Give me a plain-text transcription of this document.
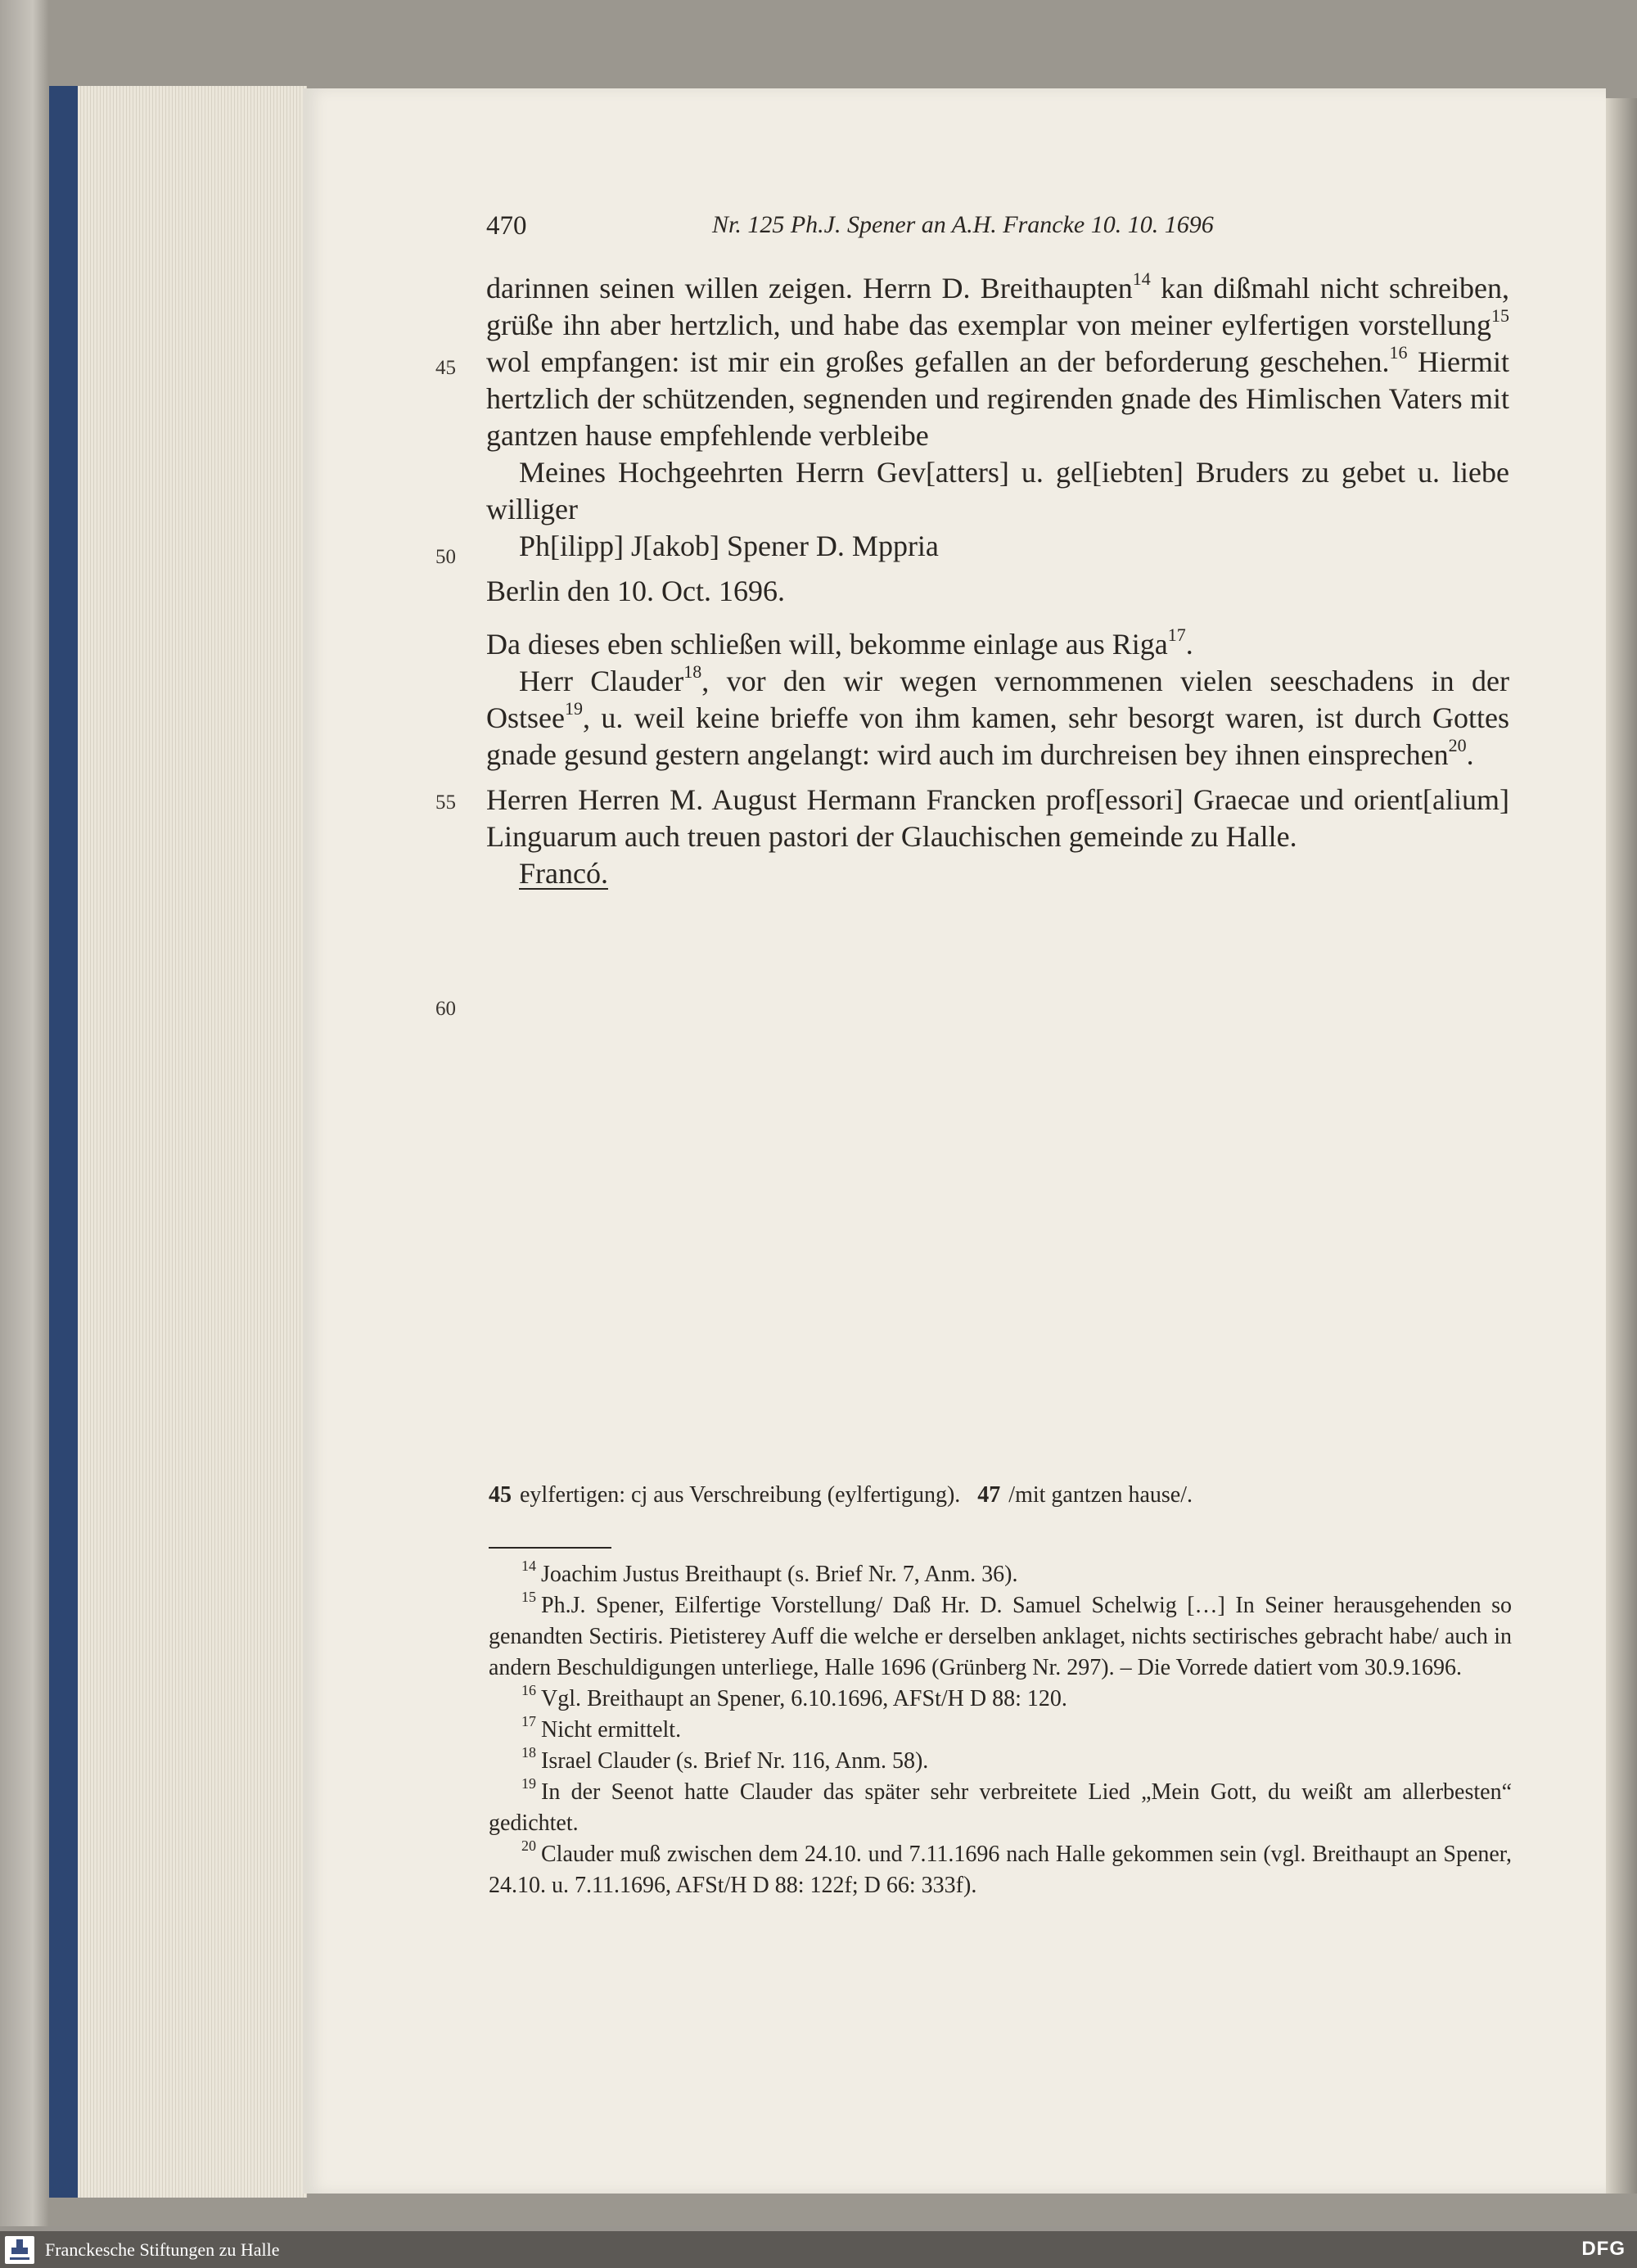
470	Nr. 125 Ph.J. Spener an A.H. Francke 10. 10. 1696
45
50
55
60

darinnen seinen willen zeigen. Herrn D. Breithaupten$^{14}$ kan dißmahl nicht schreiben, grüße ihn aber hertzlich, und habe das exemplar von meiner eylfertigen vorstellung$^{15}$ wol empfangen: ist mir ein großes gefallen an der beforderung geschehen.$^{16}$ Hiermit hertzlich der schützenden, segnenden und regirenden gnade des Himlischen Vaters mit gantzen hause empfehlende verbleibe

Meines Hochgeehrten Herrn Gev[atters] u. gel[iebten] Bruders zu gebet u. liebe williger

Ph[ilipp] J[akob] Spener D. Mppria

Berlin den 10. Oct. 1696.

Da dieses eben schließen will, bekomme einlage aus Riga$^{17}$.

Herr Clauder$^{18}$, vor den wir wegen vernommenen vielen seeschadens in der Ostsee$^{19}$, u. weil keine brieffe von ihm kamen, sehr besorgt waren, ist durch Gottes gnade gesund gestern angelangt: wird auch im durchreisen bey ihnen einsprechen$^{20}$.

Herren Herren M. August Hermann Francken prof[essori] Graecae und orient[alium] Linguarum auch treuen pastori der Glauchischen gemeinde zu Halle.

Francó.

45 eylfertigen: cj aus Verschreibung (eylfertigung). 47 /mit gantzen hause/.

$^{14}$ Joachim Justus Breithaupt (s. Brief Nr. 7, Anm. 36).

$^{15}$ Ph.J. Spener, Eilfertige Vorstellung/ Daß Hr. D. Samuel Schelwig […] In Seiner herausgehenden so genandten Sectiris. Pietisterey Auff die welche er derselben anklaget, nichts sectirisches gebracht habe/ auch in andern Beschuldigungen unterliege, Halle 1696 (Grünberg Nr. 297). – Die Vorrede datiert vom 30.9.1696.

$^{16}$ Vgl. Breithaupt an Spener, 6.10.1696, AFSt/H D 88: 120.

$^{17}$ Nicht ermittelt.

$^{18}$ Israel Clauder (s. Brief Nr. 116, Anm. 58).

$^{19}$ In der Seenot hatte Clauder das später sehr verbreitete Lied „Mein Gott, du weißt am allerbesten“ gedichtet.

$^{20}$ Clauder muß zwischen dem 24.10. und 7.11.1696 nach Halle gekommen sein (vgl. Breithaupt an Spener, 24.10. u. 7.11.1696, AFSt/H D 88: 122f; D 66: 333f).

Franckesche Stiftungen zu Halle	DFG
